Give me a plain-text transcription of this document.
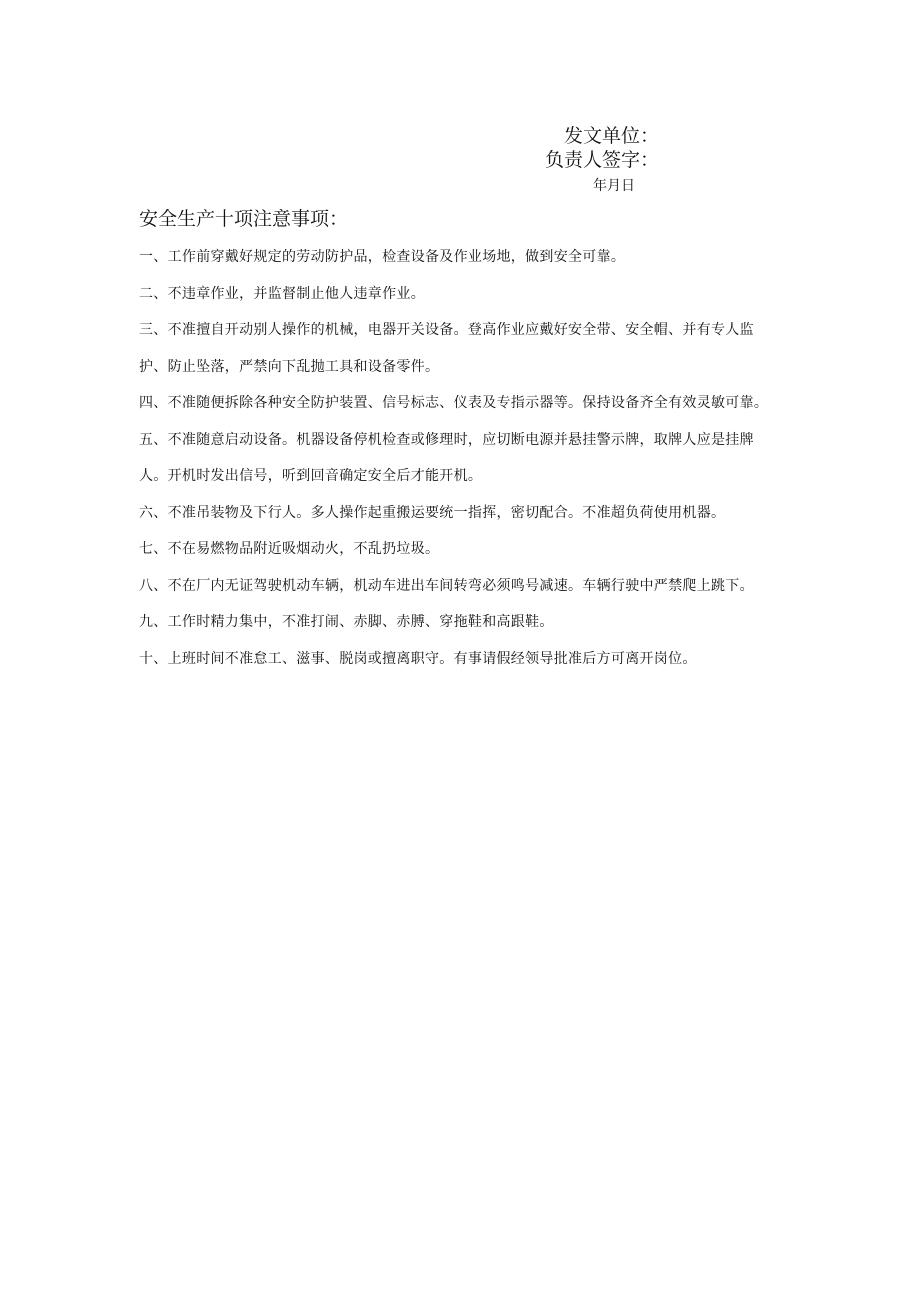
发文单位：
负责人签字：
年月日
安全生产十项注意事项：

一、工作前穿戴好规定的劳动防护品，检查设备及作业场地，做到安全可靠。

二、不违章作业，并监督制止他人违章作业。

三、不准擅自开动别人操作的机械，电器开关设备。登高作业应戴好安全带、安全帽、并有专人监护、防止坠落，严禁向下乱抛工具和设备零件。

四、不准随便拆除各种安全防护装置、信号标志、仪表及专指示器等。保持设备齐全有效灵敏可靠。

五、不准随意启动设备。机器设备停机检查或修理时，应切断电源并悬挂警示牌，取牌人应是挂牌人。开机时发出信号，听到回音确定安全后才能开机。

六、不准吊装物及下行人。多人操作起重搬运要统一指挥，密切配合。不准超负荷使用机器。

七、不在易燃物品附近吸烟动火，不乱扔垃圾。

八、不在厂内无证驾驶机动车辆，机动车进出车间转弯必须鸣号减速。车辆行驶中严禁爬上跳下。

九、工作时精力集中，不准打闹、赤脚、赤膊、穿拖鞋和高跟鞋。

十、上班时间不准怠工、滋事、脱岗或擅离职守。有事请假经领导批准后方可离开岗位。
